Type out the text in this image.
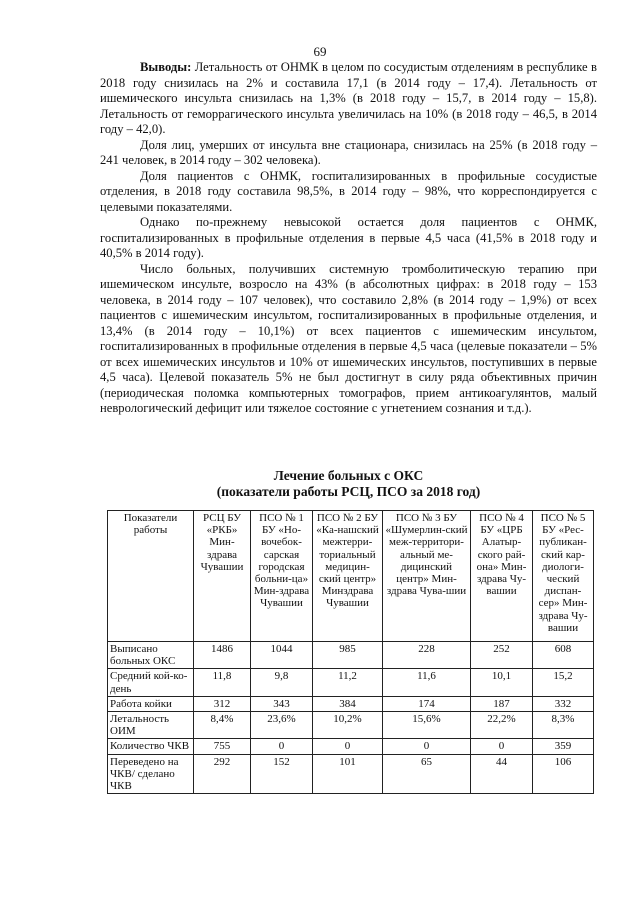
69

Выводы: Летальность от ОНМК в целом по сосудистым отделениям в республике в 2018 году снизилась на 2% и составила 17,1 (в 2014 году – 17,4). Летальность от ишемического инсульта снизилась на 1,3% (в 2018 году – 15,7, в 2014 году – 15,8). Летальность от геморрагического инсульта увеличилась на 10% (в 2018 году – 46,5, в 2014 году – 42,0).

Доля лиц, умерших от инсульта вне стационара, снизилась на 25% (в 2018 году – 241 человек, в 2014 году – 302 человека).

Доля пациентов с ОНМК, госпитализированных в профильные сосудистые отделения, в 2018 году составила 98,5%, в 2014 году – 98%, что корреспондируется с целевыми показателями.

Однако по-прежнему невысокой остается доля пациентов с ОНМК, госпитализированных в профильные отделения в первые 4,5 часа (41,5% в 2018 году и 40,5% в 2014 году).

Число больных, получивших системную тромболитическую терапию при ишемическом инсульте, возросло на 43% (в абсолютных цифрах: в 2018 году – 153 человека, в 2014 году – 107 человек), что составило 2,8% (в 2014 году – 1,9%) от всех пациентов с ишемическим инсультом, госпитализированных в профильные отделения, и 13,4% (в 2014 году – 10,1%) от всех пациентов с ишемическим инсультом, госпитализированных в профильные отделения в первые 4,5 часа (целевые показатели – 5% от всех ишемических инсультов и 10% от ишемических инсультов, поступивших в первые 4,5 часа). Целевой показатель 5% не был достигнут в силу ряда объективных причин (периодическая поломка компьютерных томографов, прием антикоагулянтов, малый неврологический дефицит или тяжелое состояние с угнетением сознания и т.д.).

Лечение больных с ОКС
(показатели работы РСЦ, ПСО за 2018 год)
Показатели работы	РСЦ БУ «РКБ» Мин-здрава Чувашии	ПСО № 1 БУ «Но-вочебок-сарская городская больни-ца» Мин-здрава Чувашии	ПСО № 2 БУ «Ка-нашский межтерри-ториальный медицин-ский центр» Минздрава Чувашии	ПСО № 3 БУ «Шумерлин-ский меж-территори-альный ме-дицинский центр» Мин-здрава Чува-шии	ПСО № 4 БУ «ЦРБ Алатыр-ского рай-она» Мин-здрава Чу-вашии	ПСО № 5 БУ «Рес-публикан-ский кар-диологи-ческий диспан-сер» Мин-здрава Чу-вашии
Выписано больных ОКС	1486	1044	985	228	252	608
Средний кой-ко-день	11,8	9,8	11,2	11,6	10,1	15,2
Работа койки	312	343	384	174	187	332
Летальность ОИМ	8,4%	23,6%	10,2%	15,6%	22,2%	8,3%
Количество ЧКВ	755	0	0	0	0	359
Переведено на ЧКВ/ сделано ЧКВ	292	152	101	65	44	106
